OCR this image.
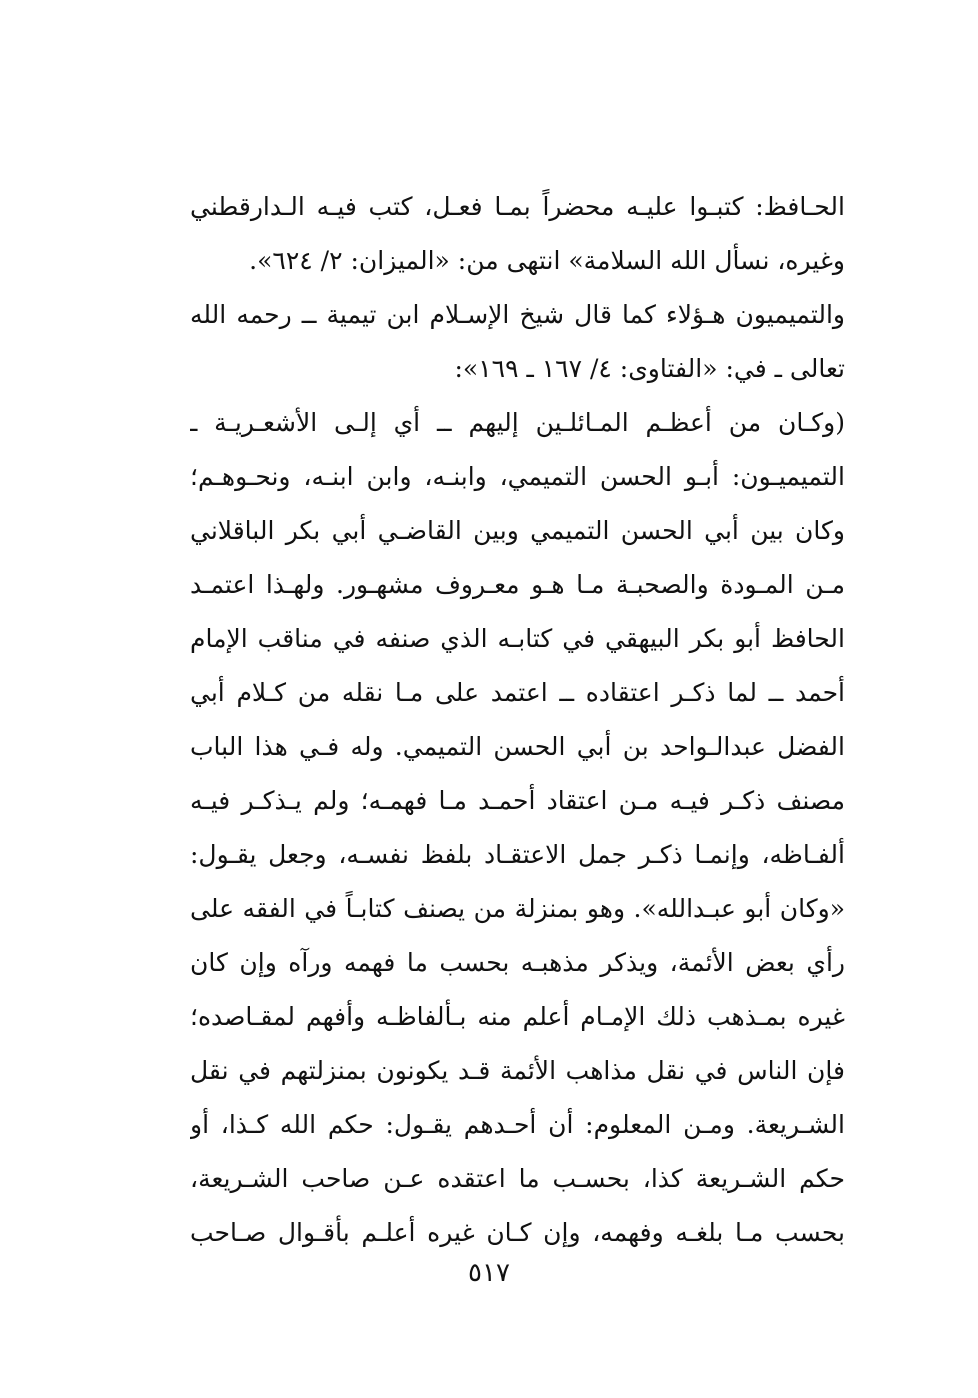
الحـافظ: كتبـوا عليـه محضراً بمـا فعـل، كتب فيـه الـدارقطني
وغيره، نسأل الله السلامة» انتهى من: «الميزان: ٢/ ٦٢٤».
والتميميون هـؤلاء كما قال شيخ الإسـلام ابن تيمية ــ رحمه الله
تعالى ـ في: «الفتاوى: ٤/ ١٦٧ ـ ١٦٩»:
(وكـان من أعظـم المـائلـين إليهم ــ أي إلـى الأشعـريـة ـ
التميميـون: أبـو الحسن التميمي، وابنـه، وابن ابنـه، ونحـوهـم؛
وكان بين أبي الحسن التميمي وبين القاضـي أبي بكر الباقلاني
مـن المـودة والصحبـة مـا هـو معـروف مشهـور. ولهـذا اعتمـد
الحافظ أبو بكر البيهقي في كتابـه الذي صنفه في مناقب الإمام
أحمد ــ لما ذكـر اعتقاده ــ اعتمد على مـا نقله من كـلام أبي
الفضل عبدالـواحد بن أبي الحسن التميمي. وله فـي هذا الباب
مصنف ذكـر فيـه مـن اعتقاد أحمـد مـا فهمـه؛ ولم يـذكـر فيـه
ألفـاظه، وإنمـا ذكـر جمل الاعتقـاد بلفظ نفسـه، وجعل يقـول:
«وكان أبو عبـدالله». وهو بمنزلة من يصنف كتابـاً في الفقه على
رأي بعض الأئمة، ويذكر مذهبـه بحسب ما فهمه ورآه وإن كان
غيره بمـذهب ذلك الإمـام أعلم منه بـألفاظـه وأفهم لمقـاصده؛
فإن الناس في نقل مذاهب الأئمة قـد يكونون بمنزلتهم في نقل
الشـريعة. ومـن المعلوم: أن أحـدهم يقـول: حكم الله كـذا، أو
حكم الشـريعة كذا، بحسـب ما اعتقده عـن صاحب الشـريعة،
بحسب مـا بلغـه وفهمه، وإن كـان غيره أعلـم بأقـوال صـاحب
٥١٧
